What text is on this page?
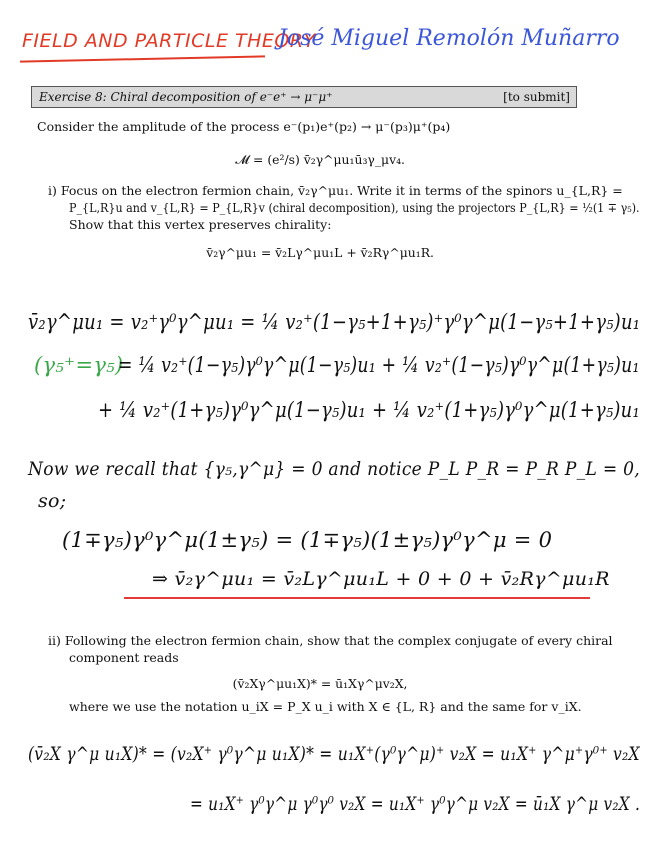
FIELD AND PARTICLE THEORY
José Miguel Remolón Muñarro
Exercise 8: Chiral decomposition of e⁻e⁺ → μ⁻μ⁺	[to submit]
Consider the amplitude of the process e⁻(p₁)e⁺(p₂) → μ⁻(p₃)μ⁺(p₄)
𝓜 = (e²/s) v̄₂γ^μu₁ū₃γ_μv₄.
i) Focus on the electron fermion chain, v̄₂γ^μu₁. Write it in terms of the spinors u_{L,R} =
P_{L,R}u and v_{L,R} = P_{L,R}v (chiral decomposition), using the projectors P_{L,R} = ½(1 ∓ γ₅).
Show that this vertex preserves chirality:
v̄₂γ^μu₁ = v̄₂Lγ^μu₁L + v̄₂Rγ^μu₁R.
v̄₂γ^μu₁ = v₂⁺γ⁰γ^μu₁ = ¼ v₂⁺(1−γ₅+1+γ₅)⁺γ⁰γ^μ(1−γ₅+1+γ₅)u₁
(γ₅⁺=γ₅)
= ¼ v₂⁺(1−γ₅)γ⁰γ^μ(1−γ₅)u₁ + ¼ v₂⁺(1−γ₅)γ⁰γ^μ(1+γ₅)u₁
+ ¼ v₂⁺(1+γ₅)γ⁰γ^μ(1−γ₅)u₁ + ¼ v₂⁺(1+γ₅)γ⁰γ^μ(1+γ₅)u₁
Now we recall that {γ₅,γ^μ} = 0 and notice P_L P_R = P_R P_L = 0,
so;
(1∓γ₅)γ⁰γ^μ(1±γ₅) = (1∓γ₅)(1±γ₅)γ⁰γ^μ = 0
⇒ v̄₂γ^μu₁ = v̄₂Lγ^μu₁L + 0 + 0 + v̄₂Rγ^μu₁R
ii) Following the electron fermion chain, show that the complex conjugate of every chiral
component reads
(v̄₂Xγ^μu₁X)* = ū₁Xγ^μv₂X,
where we use the notation u_iX = P_X u_i with X ∈ {L, R} and the same for v_iX.
(v̄₂X γ^μ u₁X)* = (v₂X⁺ γ⁰γ^μ u₁X)* = u₁X⁺(γ⁰γ^μ)⁺ v₂X = u₁X⁺ γ^μ⁺γ⁰⁺ v₂X
= u₁X⁺ γ⁰γ^μ γ⁰γ⁰ v₂X = u₁X⁺ γ⁰γ^μ v₂X = ū₁X γ^μ v₂X .
